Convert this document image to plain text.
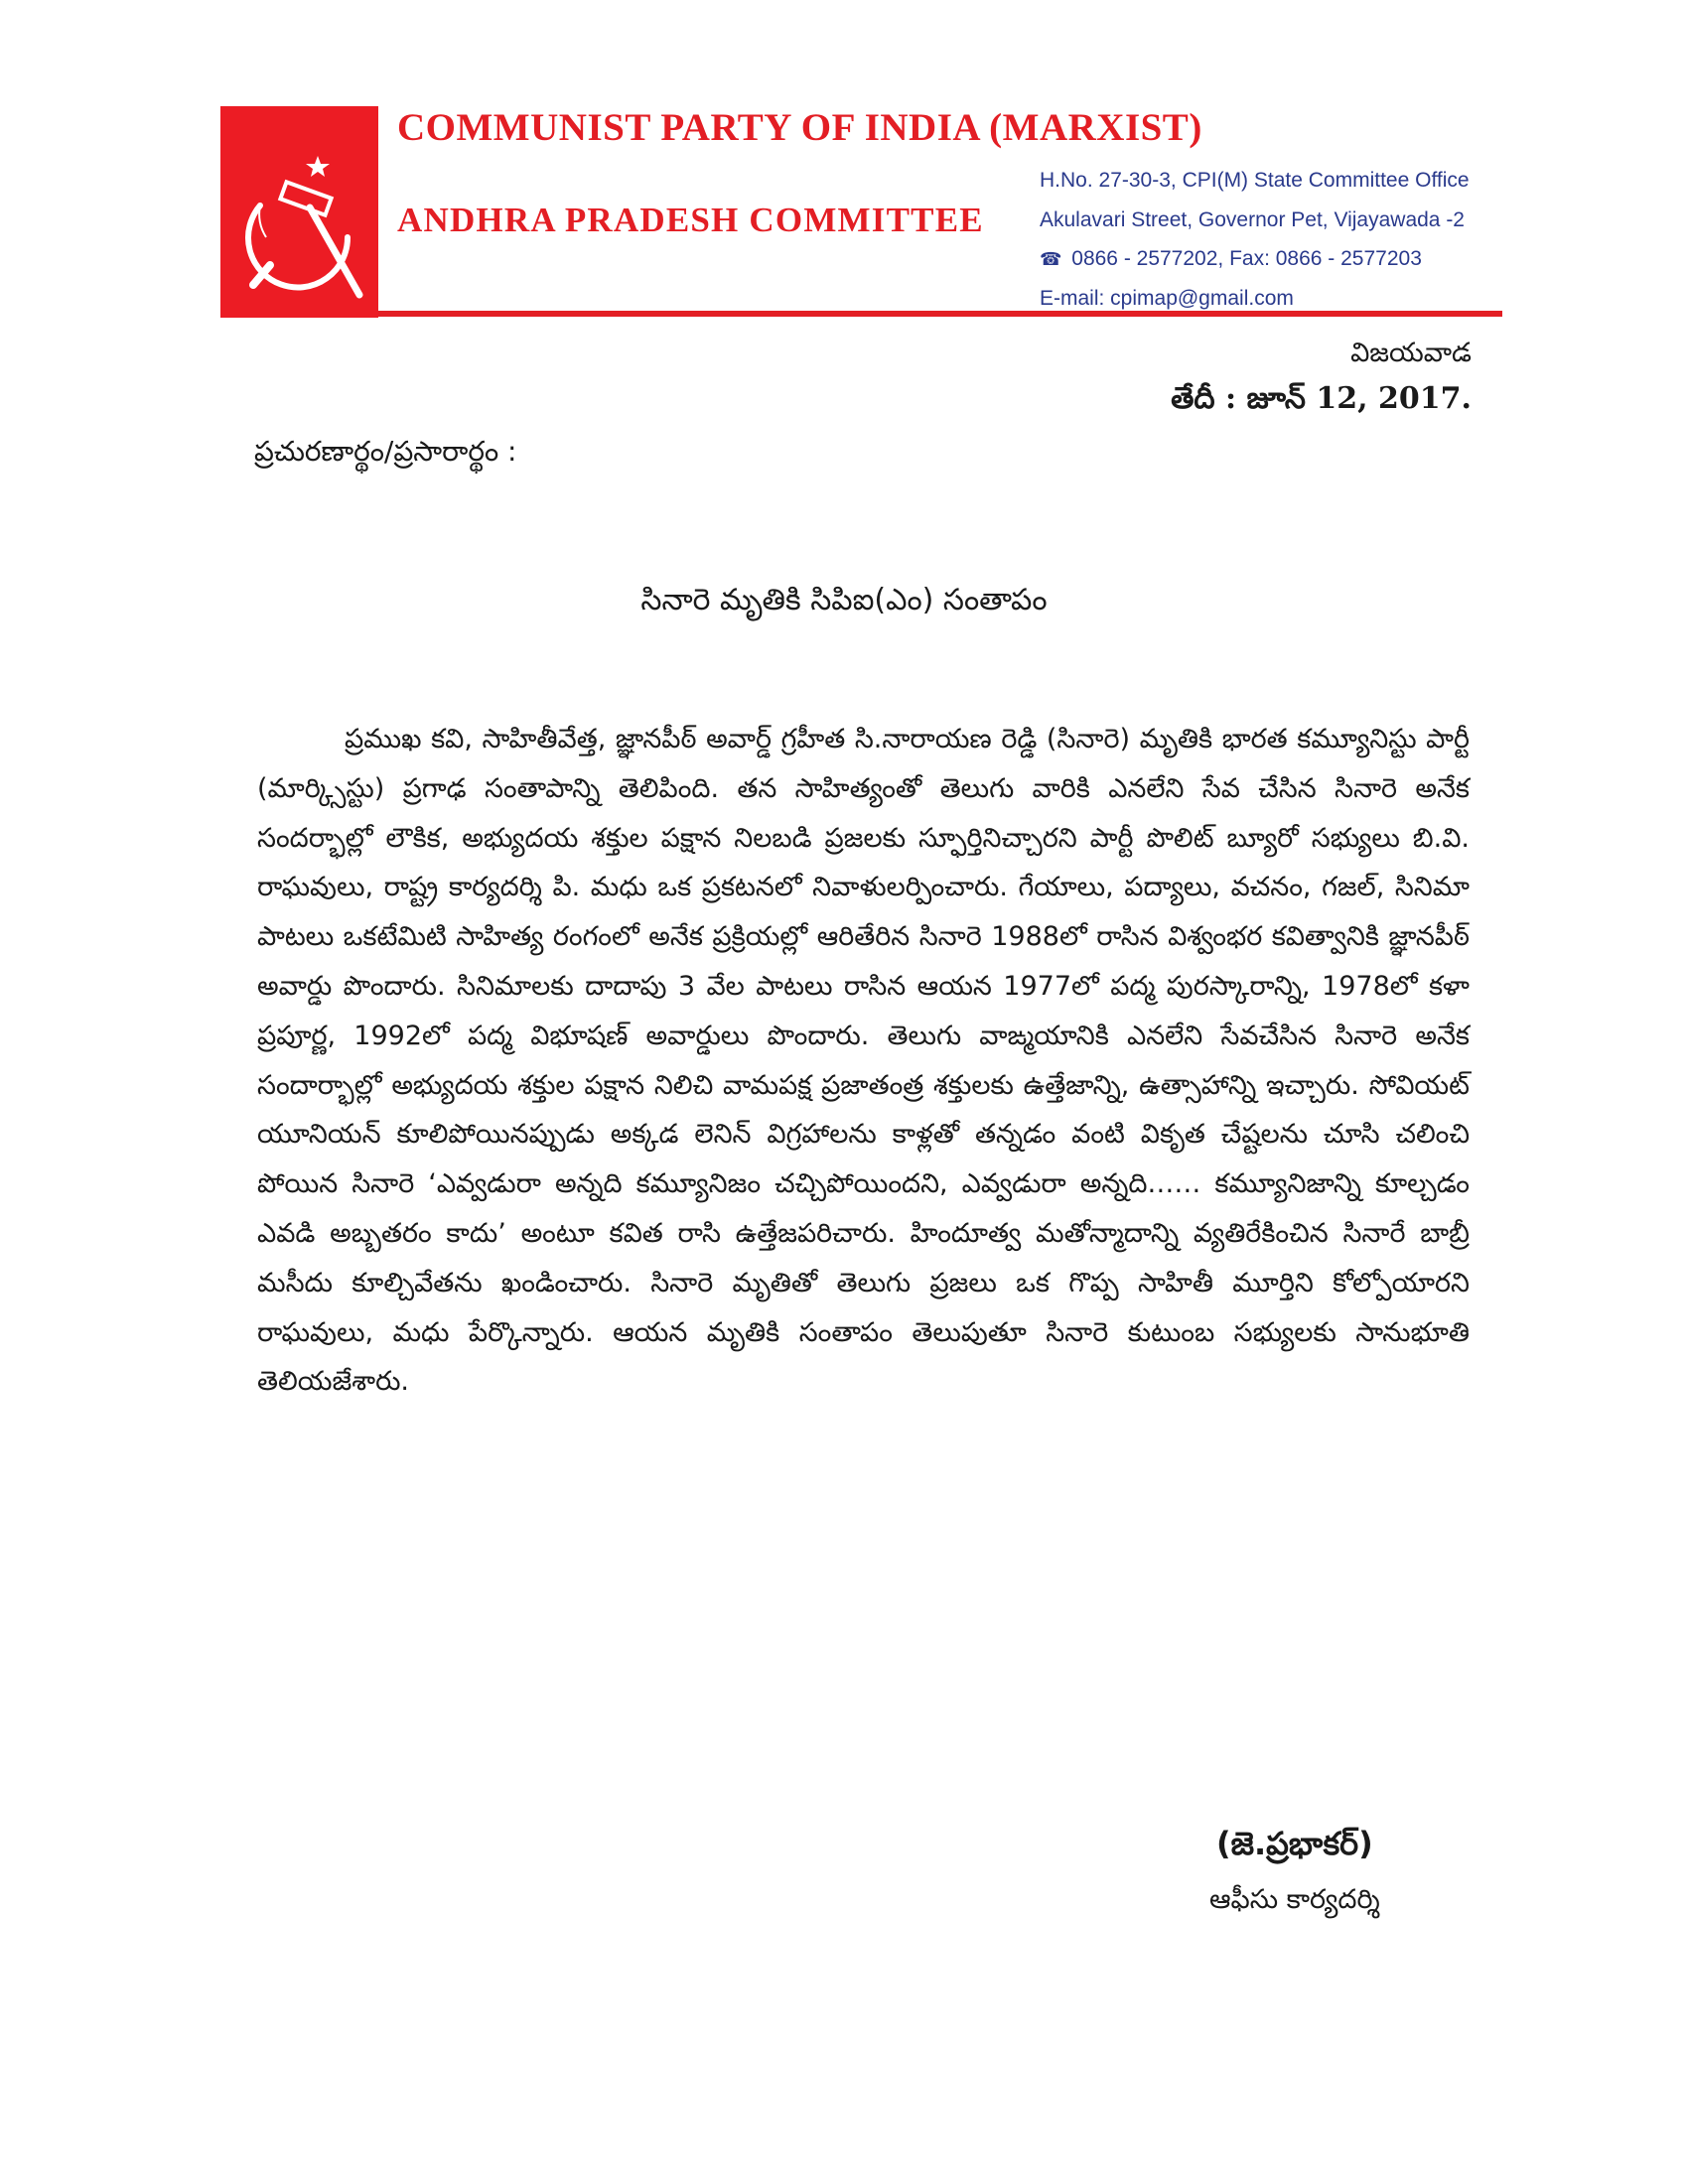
COMMUNIST PARTY OF INDIA (MARXIST)
ANDHRA PRADESH COMMITTEE
H.No. 27-30-3, CPI(M) State Committee Office
Akulavari Street, Governor Pet, Vijayawada -2
☎ 0866 - 2577202, Fax: 0866 - 2577203
E-mail: cpimap@gmail.com
విజయవాడ
తేదీ : జూన్ 12, 2017.
ప్రచురణార్థం/ప్రసారార్థం :
సినారె మృతికి సిపిఐ(ఎం) సంతాపం

ప్రముఖ కవి, సాహితీవేత్త, జ్ఞానపీఠ్ అవార్డ్ గ్రహీత సి.నారాయణ రెడ్డి (సినారె) మృతికి భారత కమ్యూనిస్టు పార్టీ (మార్క్సిస్టు) ప్రగాఢ సంతాపాన్ని తెలిపింది. తన సాహిత్యంతో తెలుగు వారికి ఎనలేని సేవ చేసిన సినారె అనేక సందర్భాల్లో లౌకిక, అభ్యుదయ శక్తుల పక్షాన నిలబడి ప్రజలకు స్ఫూర్తినిచ్చారని పార్టీ పొలిట్ బ్యూరో సభ్యులు బి.వి. రాఘవులు, రాష్ట్ర కార్యదర్శి పి. మధు ఒక ప్రకటనలో నివాళులర్పించారు. గేయాలు, పద్యాలు, వచనం, గజల్, సినిమా పాటలు ఒకటేమిటి సాహిత్య రంగంలో అనేక ప్రక్రియల్లో ఆరితేరిన సినారె 1988లో రాసిన విశ్వంభర కవిత్వానికి జ్ఞానపీఠ్ అవార్డు పొందారు. సినిమాలకు దాదాపు 3 వేల పాటలు రాసిన ఆయన 1977లో పద్మ పురస్కారాన్ని, 1978లో కళా ప్రపూర్ణ, 1992లో పద్మ విభూషణ్ అవార్డులు పొందారు. తెలుగు వాఙ్మయానికి ఎనలేని సేవచేసిన సినారె అనేక సందార్భాల్లో అభ్యుదయ శక్తుల పక్షాన నిలిచి వామపక్ష ప్రజాతంత్ర శక్తులకు ఉత్తేజాన్ని, ఉత్సాహాన్ని ఇచ్చారు. సోవియట్ యూనియన్ కూలిపోయినప్పుడు అక్కడ లెనిన్ విగ్రహాలను కాళ్లతో తన్నడం వంటి వికృత చేష్టలను చూసి చలించి పోయిన సినారె ‘ఎవ్వడురా అన్నది కమ్యూనిజం చచ్చిపోయిందని, ఎవ్వడురా అన్నది…… కమ్యూనిజాన్ని కూల్చడం ఎవడి అబ్బతరం కాదు’ అంటూ కవిత రాసి ఉత్తేజపరిచారు. హిందూత్వ మతోన్మాదాన్ని వ్యతిరేకించిన సినారే బాబ్రీ మసీదు కూల్చివేతను ఖండించారు. సినారె మృతితో తెలుగు ప్రజలు ఒక గొప్ప సాహితీ మూర్తిని కోల్పోయారని రాఘవులు, మధు పేర్కొన్నారు. ఆయన మృతికి సంతాపం తెలుపుతూ సినారె కుటుంబ సభ్యులకు సానుభూతి తెలియజేశారు.

(జె.ప్రభాకర్)
ఆఫీసు కార్యదర్శి
